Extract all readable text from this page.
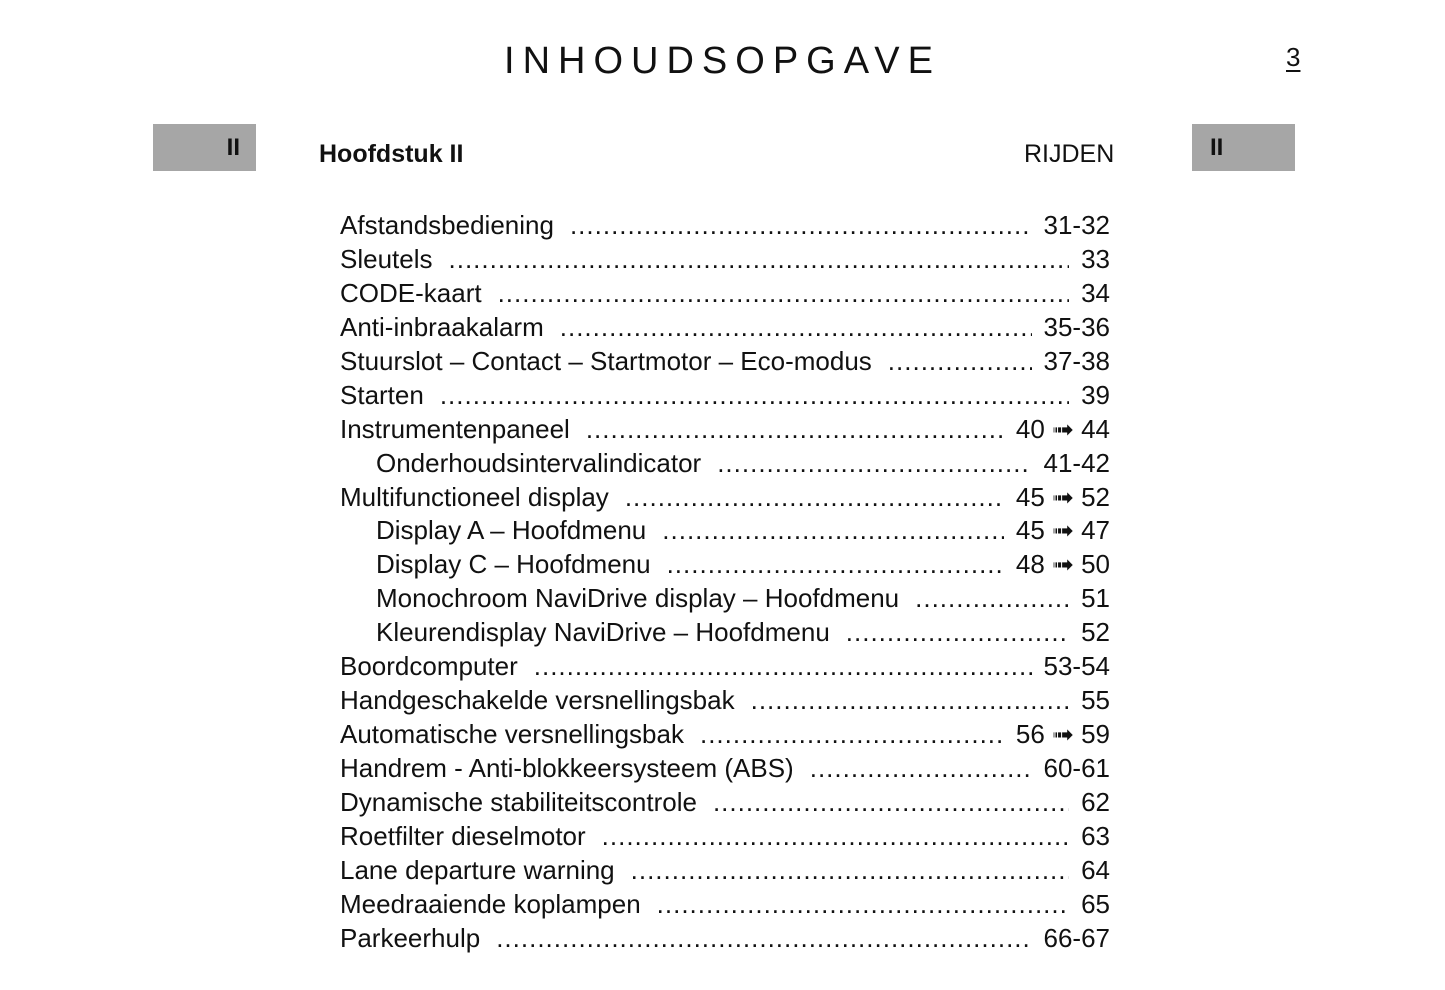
INHOUDSOPGAVE	3
II	Hoofdstuk II	RIJDEN	II
Afstandsbediening .....	31-32
Sleutels .....	33
CODE-kaart .....	34
Anti-inbraakalarm .....	35-36
Stuurslot – Contact – Startmotor – Eco-modus .....	37-38
Starten .....	39
Instrumentenpaneel .....	40 ➟ 44
Onderhoudsintervalindicator .....	41-42
Multifunctioneel display .....	45 ➟ 52
Display A – Hoofdmenu .....	45 ➟ 47
Display C – Hoofdmenu .....	48 ➟ 50
Monochroom NaviDrive display – Hoofdmenu .....	51
Kleurendisplay NaviDrive – Hoofdmenu .....	52
Boordcomputer .....	53-54
Handgeschakelde versnellingsbak .....	55
Automatische versnellingsbak .....	56 ➟ 59
Handrem - Anti-blokkeersysteem (ABS) .....	60-61
Dynamische stabiliteitscontrole .....	62
Roetfilter dieselmotor .....	63
Lane departure warning .....	64
Meedraaiende koplampen .....	65
Parkeerhulp .....	66-67
